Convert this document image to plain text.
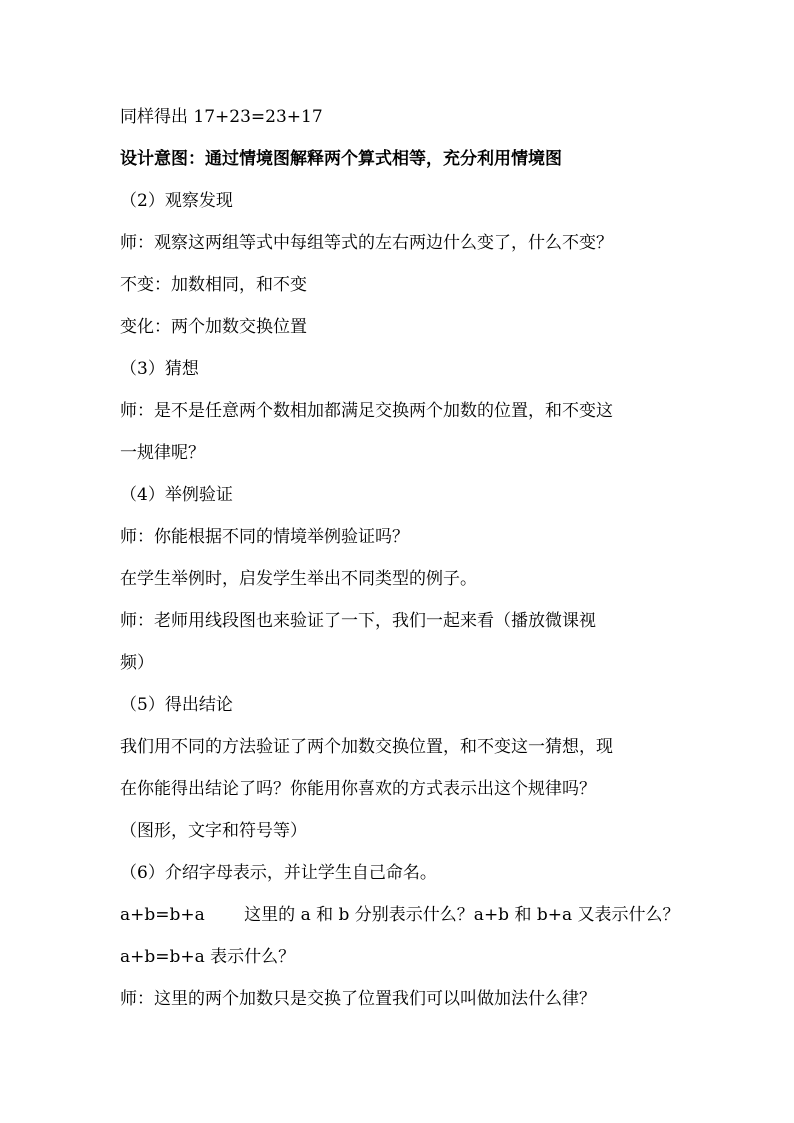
同样得出 17+23=23+17

设计意图：通过情境图解释两个算式相等，充分利用情境图

（2）观察发现

师：观察这两组等式中每组等式的左右两边什么变了，什么不变？

不变：加数相同，和不变

变化：两个加数交换位置

（3）猜想

师：是不是任意两个数相加都满足交换两个加数的位置，和不变这

一规律呢？

（4）举例验证

师：你能根据不同的情境举例验证吗？

在学生举例时，启发学生举出不同类型的例子。

师：老师用线段图也来验证了一下，我们一起来看（播放微课视

频）

（5）得出结论

我们用不同的方法验证了两个加数交换位置，和不变这一猜想，现

在你能得出结论了吗？你能用你喜欢的方式表示出这个规律吗？

（图形，文字和符号等）

（6）介绍字母表示，并让学生自己命名。

a+b=b+a　　 这里的 a 和 b 分别表示什么？a+b 和 b+a 又表示什么？

a+b=b+a 表示什么？

师：这里的两个加数只是交换了位置我们可以叫做加法什么律？
